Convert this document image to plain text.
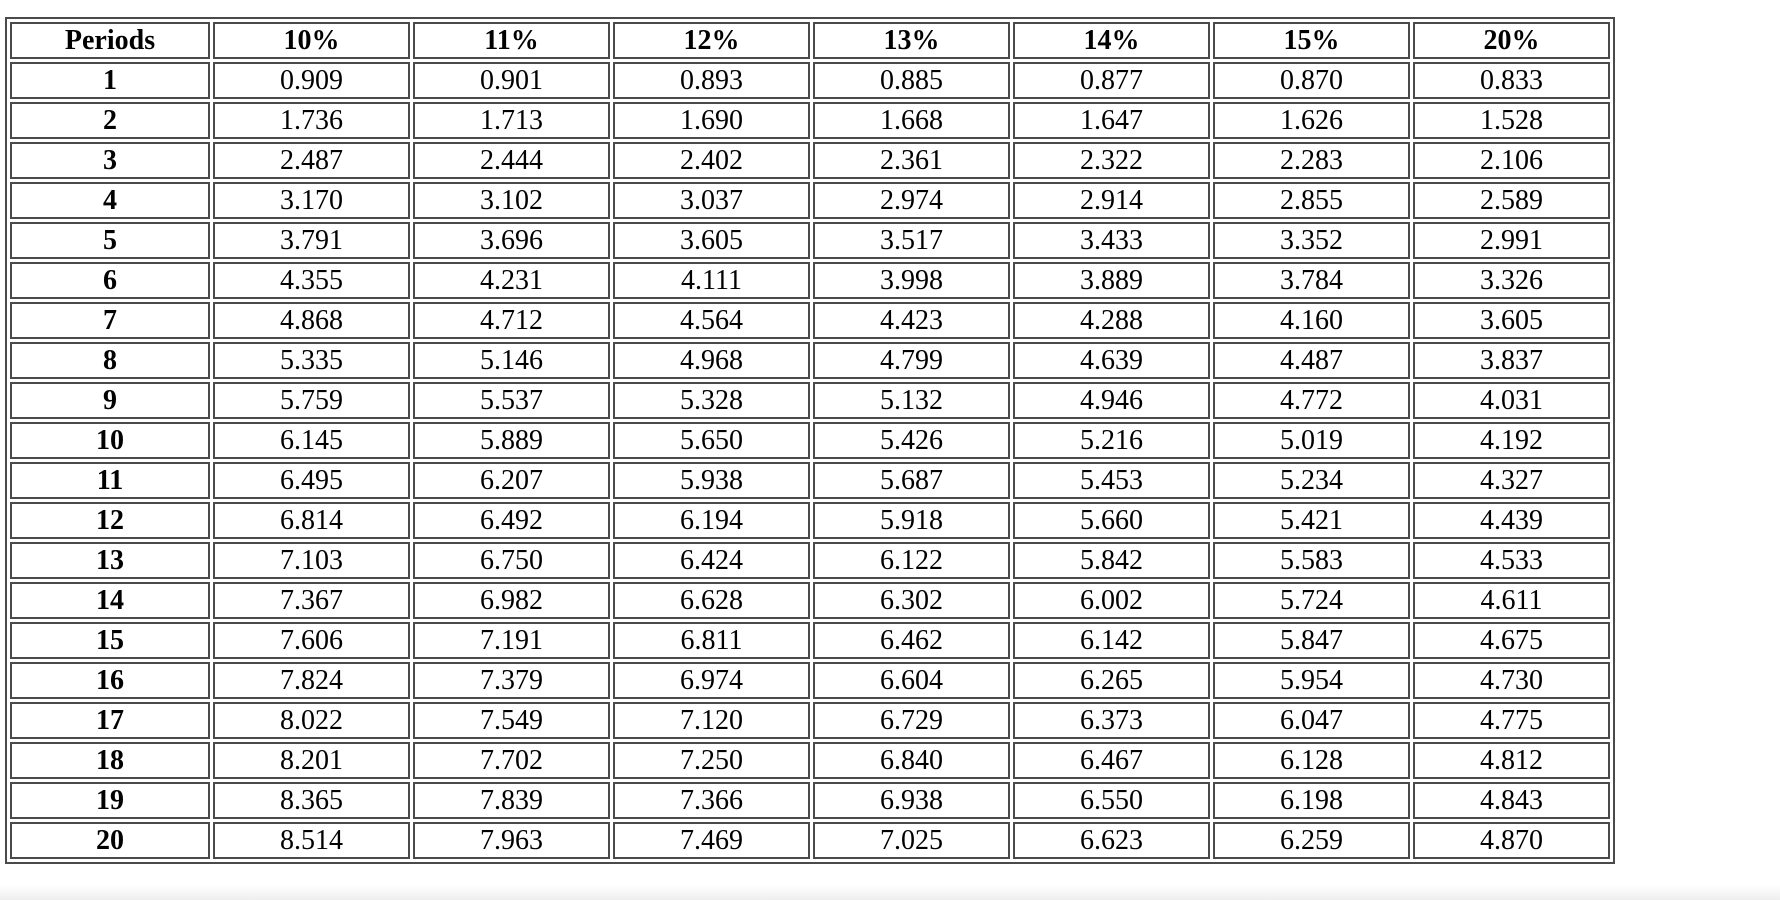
Periods	10%	11%	12%	13%	14%	15%	20%
1	0.909	0.901	0.893	0.885	0.877	0.870	0.833
2	1.736	1.713	1.690	1.668	1.647	1.626	1.528
3	2.487	2.444	2.402	2.361	2.322	2.283	2.106
4	3.170	3.102	3.037	2.974	2.914	2.855	2.589
5	3.791	3.696	3.605	3.517	3.433	3.352	2.991
6	4.355	4.231	4.111	3.998	3.889	3.784	3.326
7	4.868	4.712	4.564	4.423	4.288	4.160	3.605
8	5.335	5.146	4.968	4.799	4.639	4.487	3.837
9	5.759	5.537	5.328	5.132	4.946	4.772	4.031
10	6.145	5.889	5.650	5.426	5.216	5.019	4.192
11	6.495	6.207	5.938	5.687	5.453	5.234	4.327
12	6.814	6.492	6.194	5.918	5.660	5.421	4.439
13	7.103	6.750	6.424	6.122	5.842	5.583	4.533
14	7.367	6.982	6.628	6.302	6.002	5.724	4.611
15	7.606	7.191	6.811	6.462	6.142	5.847	4.675
16	7.824	7.379	6.974	6.604	6.265	5.954	4.730
17	8.022	7.549	7.120	6.729	6.373	6.047	4.775
18	8.201	7.702	7.250	6.840	6.467	6.128	4.812
19	8.365	7.839	7.366	6.938	6.550	6.198	4.843
20	8.514	7.963	7.469	7.025	6.623	6.259	4.870
